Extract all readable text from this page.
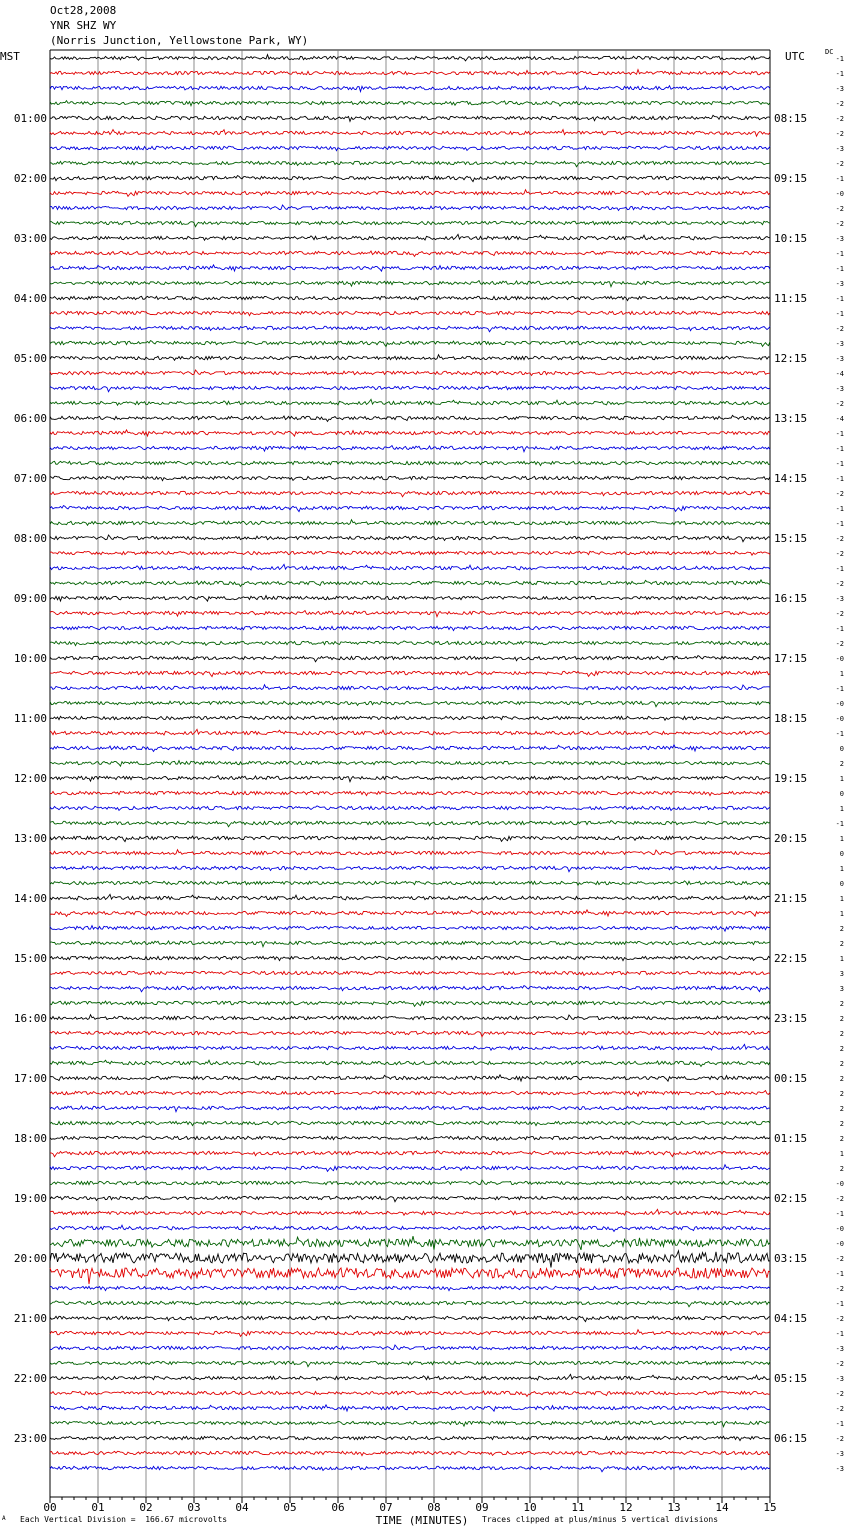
Oct28,2008
YNR SHZ WY
(Norris Junction, Yellowstone Park, WY)
MST	UTC	DC
00	01	02	03	04	05	06	07	08	09	10	11	12	13	14	15
TIME (MINUTES)
01:00
02:00
03:00
04:00
05:00
06:00
07:00
08:00
09:00
10:00
11:00
12:00
13:00
14:00
15:00
16:00
17:00
18:00
19:00
20:00
21:00
22:00
23:00
08:15
09:15
10:15
11:15
12:15
13:15
14:15
15:15
16:15
17:15
18:15
19:15
20:15
21:15
22:15
23:15
00:15
01:15
02:15
03:15
04:15
05:15
06:15
-1
-1
-3
-2
-2
-2
-3
-2
-1
-0
-2
-2
-3
-1
-1
-3
-1
-1
-2
-3
-3
-4
-3
-2
-4
-1
-1
-1
-1
-2
-1
-1
-2
-2
-1
-2
-3
-2
-1
-2
-0
1
-1
-0
-0
-1
0
2
1
0
1
-1
1
0
1
0
1
1
2
2
1
3
3
2
2
2
2
2
2
2
2
2
2
1
2
-0
-2
-1
-0
-0
-2
-1
-2
-1
-2
-1
-3
-2
-3
-2
-2
-1
-2
-3
-3
A Each Vertical Division =  166.67 microvolts	Traces clipped at plus/minus 5 vertical divisions
